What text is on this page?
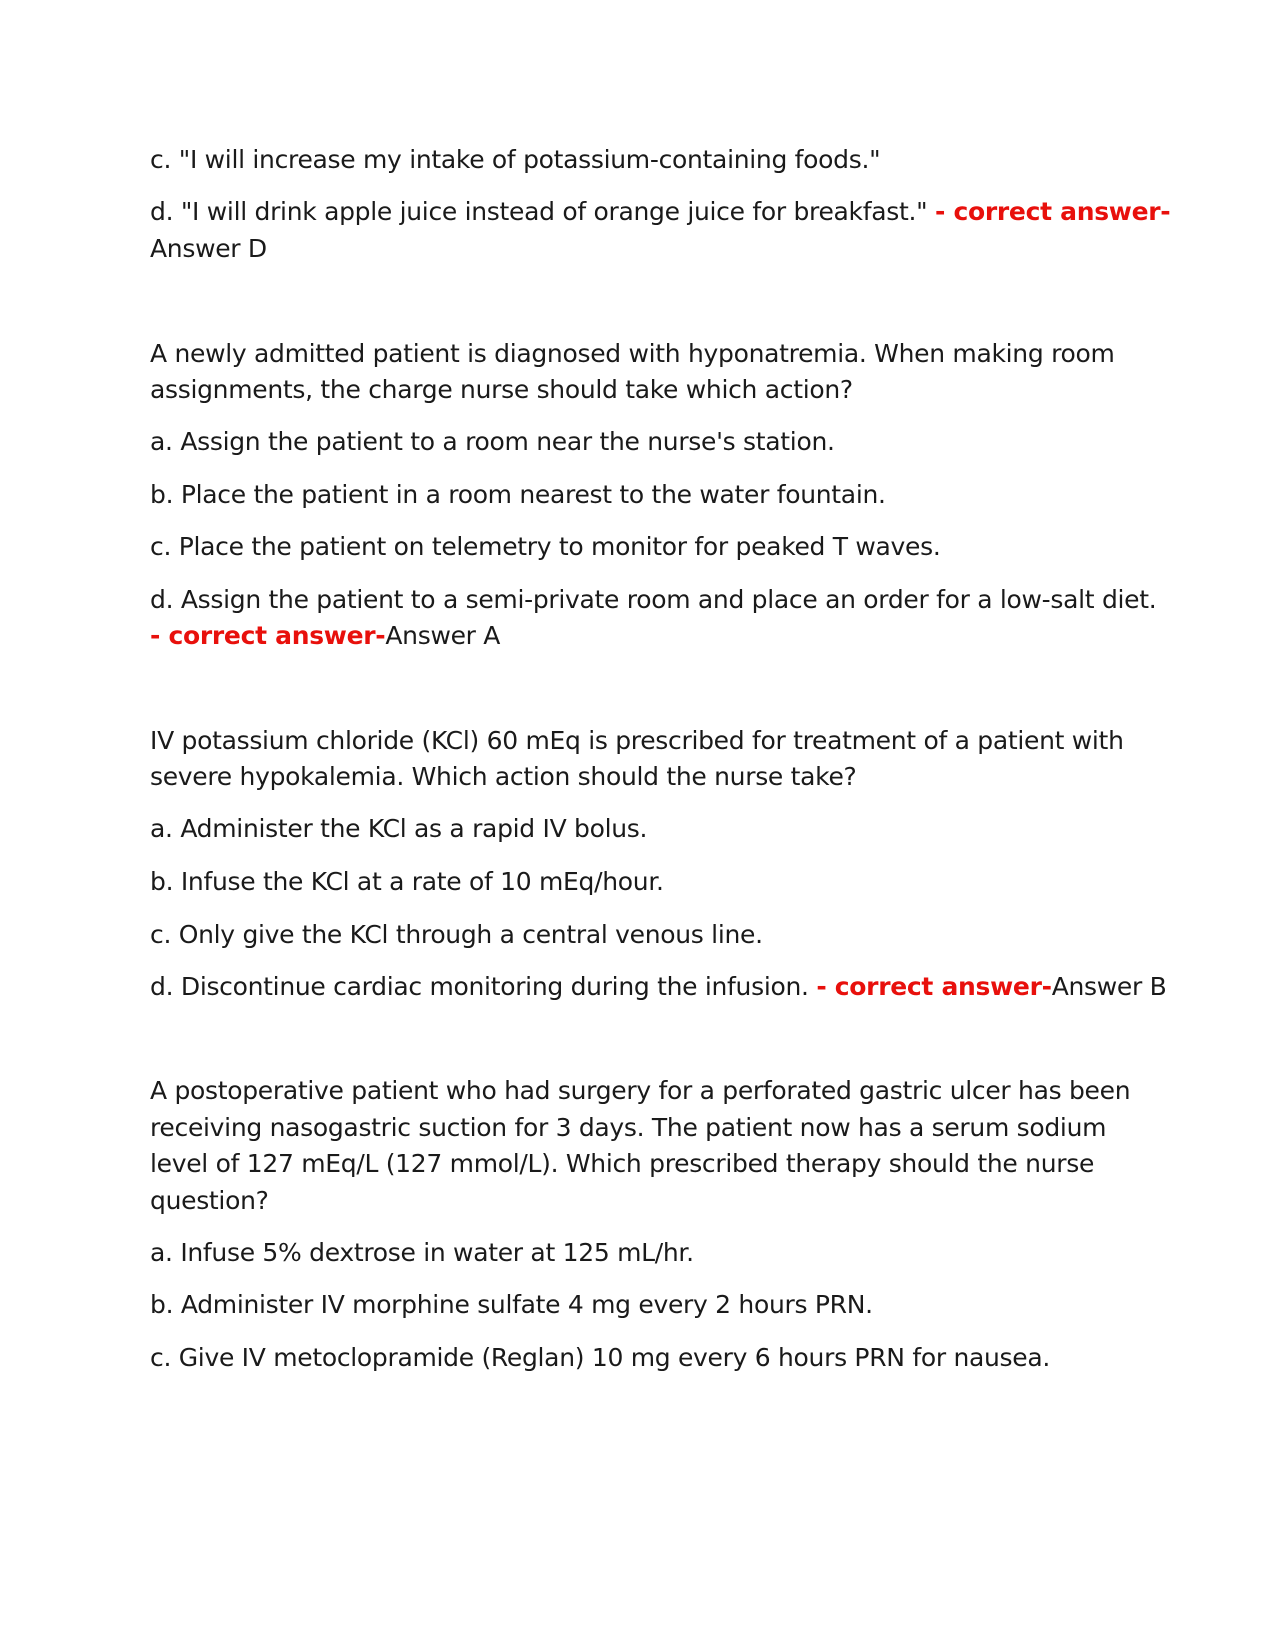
c. "I will increase my intake of potassium-containing foods."
d. "I will drink apple juice instead of orange juice for breakfast." - correct answer-
Answer D
A newly admitted patient is diagnosed with hyponatremia. When making room
assignments, the charge nurse should take which action?
a. Assign the patient to a room near the nurse's station.
b. Place the patient in a room nearest to the water fountain.
c. Place the patient on telemetry to monitor for peaked T waves.
d. Assign the patient to a semi-private room and place an order for a low-salt diet.
- correct answer-Answer A
IV potassium chloride (KCl) 60 mEq is prescribed for treatment of a patient with
severe hypokalemia. Which action should the nurse take?
a. Administer the KCl as a rapid IV bolus.
b. Infuse the KCl at a rate of 10 mEq/hour.
c. Only give the KCl through a central venous line.
d. Discontinue cardiac monitoring during the infusion. - correct answer-Answer B
A postoperative patient who had surgery for a perforated gastric ulcer has been
receiving nasogastric suction for 3 days. The patient now has a serum sodium
level of 127 mEq/L (127 mmol/L). Which prescribed therapy should the nurse
question?
a. Infuse 5% dextrose in water at 125 mL/hr.
b. Administer IV morphine sulfate 4 mg every 2 hours PRN.
c. Give IV metoclopramide (Reglan) 10 mg every 6 hours PRN for nausea.
